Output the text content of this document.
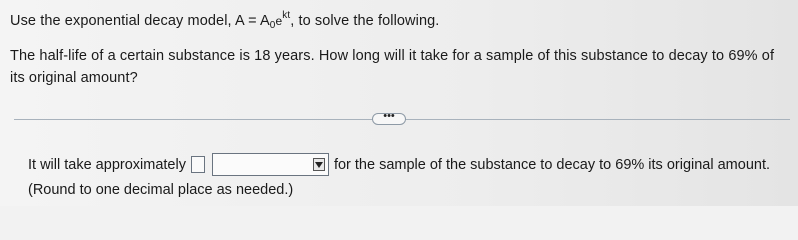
Use the exponential decay model, $A = A_0e^{kt}$, to solve the following.
The half-life of a certain substance is 18 years. How long will it take for a sample of this substance to decay to 69% of
its original amount?
•••
It will take approximately	for the sample of the substance to decay to 69% its original amount.
(Round to one decimal place as needed.)
